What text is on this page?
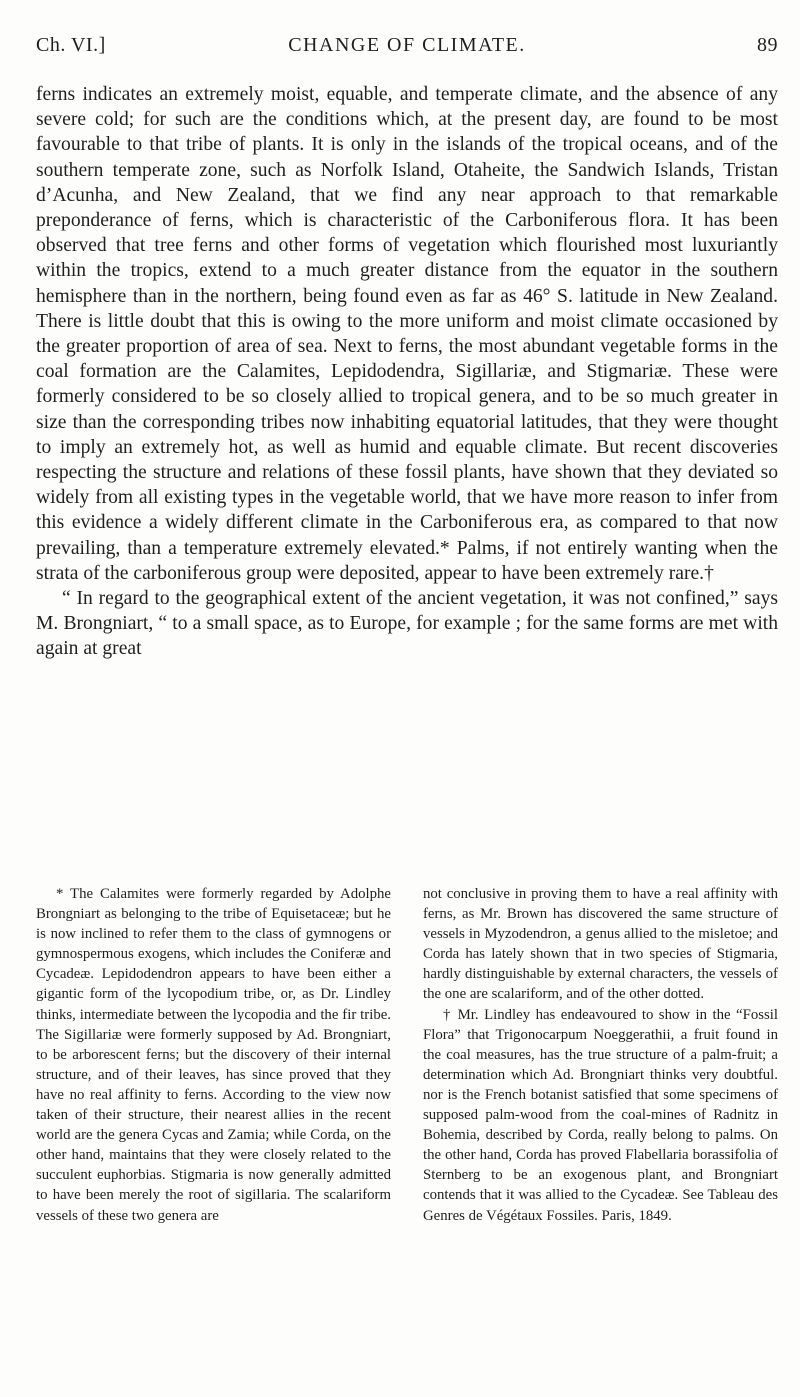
Ch. VI.]	CHANGE OF CLIMATE.	89

ferns indicates an extremely moist, equable, and temperate climate, and the absence of any severe cold; for such are the conditions which, at the present day, are found to be most favourable to that tribe of plants. It is only in the islands of the tropical oceans, and of the southern temperate zone, such as Norfolk Island, Otaheite, the Sandwich Islands, Tristan d’Acunha, and New Zealand, that we find any near approach to that remarkable preponderance of ferns, which is characteristic of the Carboniferous flora. It has been observed that tree ferns and other forms of vegetation which flourished most luxuriantly within the tropics, extend to a much greater distance from the equator in the southern hemisphere than in the northern, being found even as far as 46° S. latitude in New Zealand. There is little doubt that this is owing to the more uniform and moist climate occasioned by the greater proportion of area of sea. Next to ferns, the most abundant vegetable forms in the coal formation are the Calamites, Lepidodendra, Sigillariæ, and Stigmariæ. These were formerly considered to be so closely allied to tropical genera, and to be so much greater in size than the corresponding tribes now inhabiting equatorial latitudes, that they were thought to imply an extremely hot, as well as humid and equable climate. But recent discoveries respecting the structure and relations of these fossil plants, have shown that they deviated so widely from all existing types in the vegetable world, that we have more reason to infer from this evidence a widely different climate in the Carboniferous era, as compared to that now prevailing, than a temperature extremely elevated.* Palms, if not entirely wanting when the strata of the carboniferous group were deposited, appear to have been extremely rare.†

“ In regard to the geographical extent of the ancient vegetation, it was not confined,” says M. Brongniart, “ to a small space, as to Europe, for example ; for the same forms are met with again at great

* The Calamites were formerly regarded by Adolphe Brongniart as belonging to the tribe of Equisetaceæ; but he is now inclined to refer them to the class of gymnogens or gymnospermous exogens, which includes the Coniferæ and Cycadeæ. Lepidodendron appears to have been either a gigantic form of the lycopodium tribe, or, as Dr. Lindley thinks, intermediate between the lycopodia and the fir tribe. The Sigillariæ were formerly supposed by Ad. Brongniart, to be arborescent ferns; but the discovery of their internal structure, and of their leaves, has since proved that they have no real affinity to ferns. According to the view now taken of their structure, their nearest allies in the recent world are the genera Cycas and Zamia; while Corda, on the other hand, maintains that they were closely related to the succulent euphorbias. Stigmaria is now generally admitted to have been merely the root of sigillaria. The scalariform vessels of these two genera are

not conclusive in proving them to have a real affinity with ferns, as Mr. Brown has discovered the same structure of vessels in Myzodendron, a genus allied to the misletoe; and Corda has lately shown that in two species of Stigmaria, hardly distinguishable by external characters, the vessels of the one are scalariform, and of the other dotted.

† Mr. Lindley has endeavoured to show in the “Fossil Flora” that Trigonocarpum Noeggerathii, a fruit found in the coal measures, has the true structure of a palm-fruit; a determination which Ad. Brongniart thinks very doubtful. nor is the French botanist satisfied that some specimens of supposed palm-wood from the coal-mines of Radnitz in Bohemia, described by Corda, really belong to palms. On the other hand, Corda has proved Flabellaria borassifolia of Sternberg to be an exogenous plant, and Brongniart contends that it was allied to the Cycadeæ. See Tableau des Genres de Végétaux Fossiles. Paris, 1849.
